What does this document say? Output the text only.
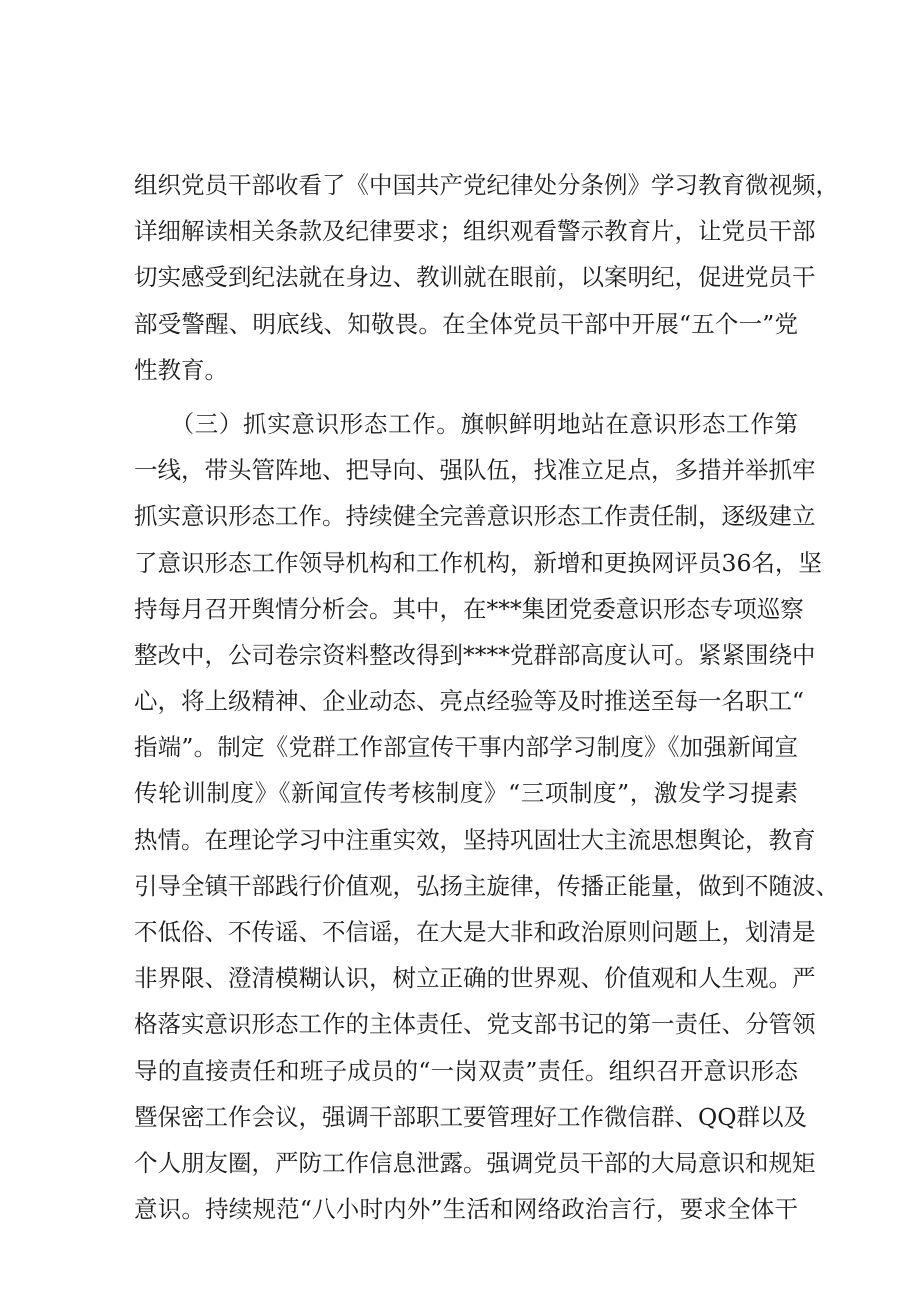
组织党员干部收看了《中国共产党纪律处分条例》学习教育微视频，
详细解读相关条款及纪律要求；组织观看警示教育片，让党员干部
切实感受到纪法就在身边、教训就在眼前，以案明纪，促进党员干
部受警醒、明底线、知敬畏。在全体党员干部中开展“五个一”党
性教育。
　　（三）抓实意识形态工作。旗帜鲜明地站在意识形态工作第
一线，带头管阵地、把导向、强队伍，找准立足点，多措并举抓牢
抓实意识形态工作。持续健全完善意识形态工作责任制，逐级建立
了意识形态工作领导机构和工作机构，新增和更换网评员36名，坚
持每月召开舆情分析会。其中，在***集团党委意识形态专项巡察
整改中，公司卷宗资料整改得到****党群部高度认可。紧紧围绕中
心，将上级精神、企业动态、亮点经验等及时推送至每一名职工“
指端”。制定《党群工作部宣传干事内部学习制度》《加强新闻宣
传轮训制度》《新闻宣传考核制度》“三项制度”，激发学习提素
热情。在理论学习中注重实效，坚持巩固壮大主流思想舆论，教育
引导全镇干部践行价值观，弘扬主旋律，传播正能量，做到不随波、
不低俗、不传谣、不信谣，在大是大非和政治原则问题上，划清是
非界限、澄清模糊认识，树立正确的世界观、价值观和人生观。严
格落实意识形态工作的主体责任、党支部书记的第一责任、分管领
导的直接责任和班子成员的“一岗双责”责任。组织召开意识形态
暨保密工作会议，强调干部职工要管理好工作微信群、QQ群以及
个人朋友圈，严防工作信息泄露。强调党员干部的大局意识和规矩
意识。持续规范“八小时内外”生活和网络政治言行，要求全体干
